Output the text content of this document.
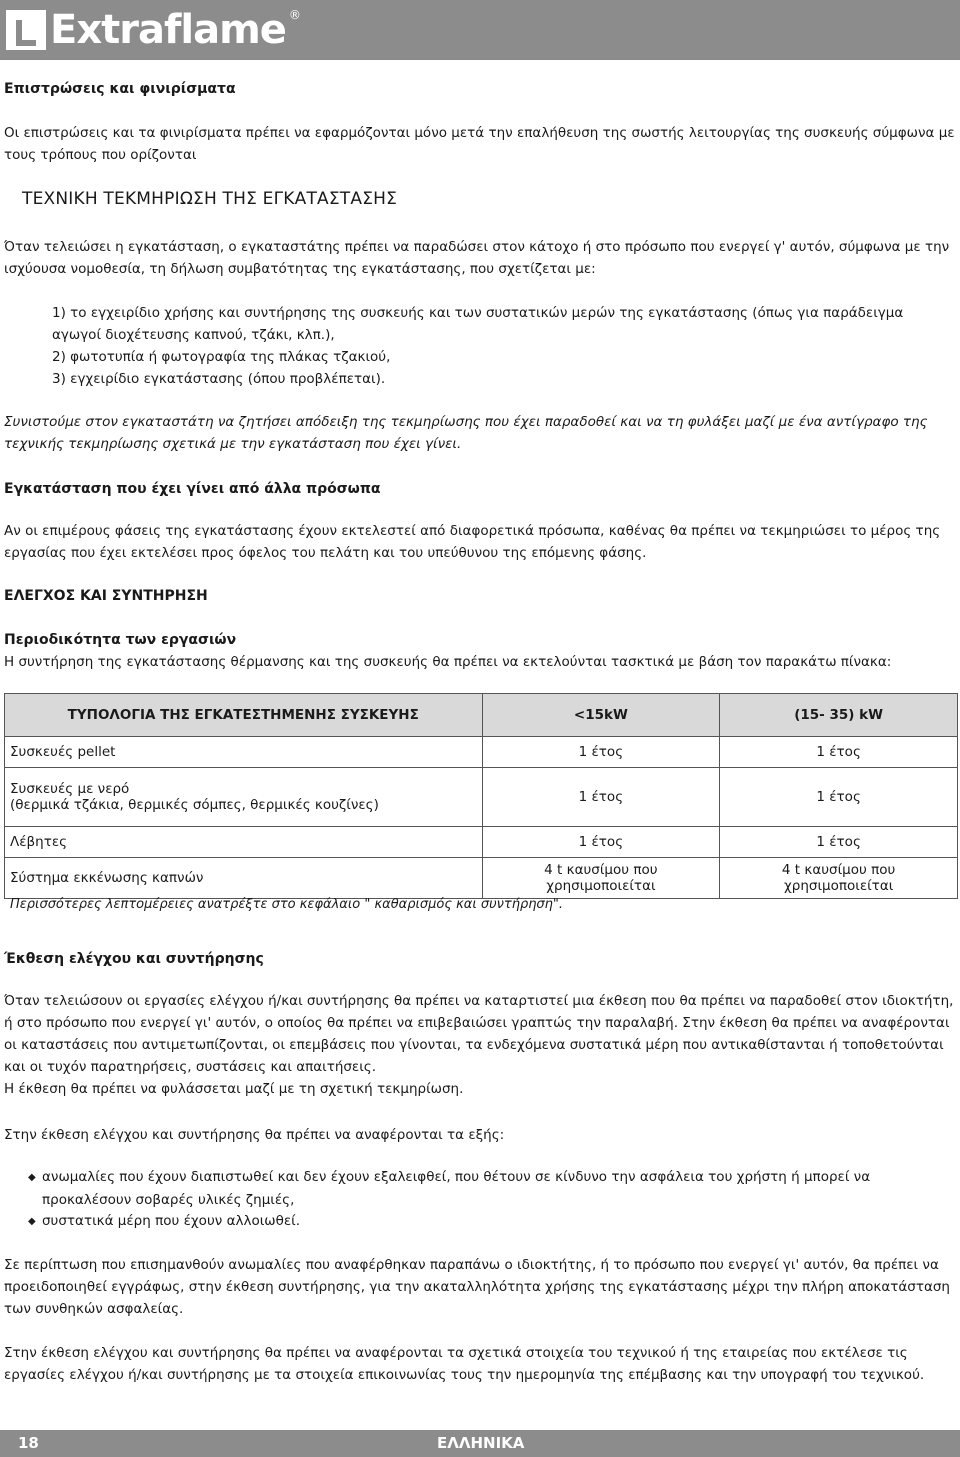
Extraflame ®

Επιστρώσεις και φινιρίσματα

Οι επιστρώσεις και τα φινιρίσματα πρέπει να εφαρμόζονται μόνο μετά την επαλήθευση της σωστής λειτουργίας της συσκευής σύμφωνα με τους τρόπους που ορίζονται

ΤΕΧΝΙΚΗ ΤΕΚΜΗΡΙΩΣΗ ΤΗΣ ΕΓΚΑΤΑΣΤΑΣΗΣ

Όταν τελειώσει η εγκατάσταση, ο εγκαταστάτης πρέπει να παραδώσει στον κάτοχο ή στο πρόσωπο που ενεργεί γ' αυτόν, σύμφωνα με την ισχύουσα νομοθεσία, τη δήλωση συμβατότητας της εγκατάστασης, που σχετίζεται με:

1) το εγχειρίδιο χρήσης και συντήρησης της συσκευής και των συστατικών μερών της εγκατάστασης (όπως για παράδειγμα αγωγοί διοχέτευσης καπνού, τζάκι, κλπ.),

2) φωτοτυπία ή φωτογραφία της πλάκας τζακιού,

3) εγχειρίδιο εγκατάστασης (όπου προβλέπεται).

Συνιστούμε στον εγκαταστάτη να ζητήσει απόδειξη της τεκμηρίωσης που έχει παραδοθεί και να τη φυλάξει μαζί με ένα αντίγραφο της τεχνικής τεκμηρίωσης σχετικά με την εγκατάσταση που έχει γίνει.

Εγκατάσταση που έχει γίνει από άλλα πρόσωπα

Αν οι επιμέρους φάσεις της εγκατάστασης έχουν εκτελεστεί από διαφορετικά πρόσωπα, καθένας θα πρέπει να τεκμηριώσει το μέρος της εργασίας που έχει εκτελέσει προς όφελος του πελάτη και του υπεύθυνου της επόμενης φάσης.

ΕΛΕΓΧΟΣ ΚΑΙ ΣΥΝΤΗΡΗΣΗ

Περιοδικότητα των εργασιών

Η συντήρηση της εγκατάστασης θέρμανσης και της συσκευής θα πρέπει να εκτελούνται τασκτικά με βάση τον παρακάτω πίνακα:

ΤΥΠΟΛΟΓΙΑ ΤΗΣ ΕΓΚΑΤΕΣΤΗΜΕΝΗΣ ΣΥΣΚΕΥΗΣ	<15kW	(15- 35) kW
Συσκευές pellet	1 έτος	1 έτος
Συσκευές με νερό
(θερμικά τζάκια, θερμικές σόμπες, θερμικές κουζίνες)	1 έτος	1 έτος
Λέβητες	1 έτος	1 έτος
Σύστημα εκκένωσης καπνών	4 t καυσίμου που χρησιμοποιείται	4 t καυσίμου που χρησιμοποιείται

Περισσότερες λεπτομέρειες ανατρέξτε στο κεφάλαιο " καθαρισμός και συντήρηση".

Έκθεση ελέγχου και συντήρησης

Όταν τελειώσουν οι εργασίες ελέγχου ή/και συντήρησης θα πρέπει να καταρτιστεί μια έκθεση που θα πρέπει να παραδοθεί στον ιδιοκτήτη, ή στο πρόσωπο που ενεργεί γι' αυτόν, ο οποίος θα πρέπει να επιβεβαιώσει γραπτώς την παραλαβή. Στην έκθεση θα πρέπει να αναφέρονται οι καταστάσεις που αντιμετωπίζονται, οι επεμβάσεις που γίνονται, τα ενδεχόμενα συστατικά μέρη που αντικαθίστανται ή τοποθετούνται και οι τυχόν παρατηρήσεις, συστάσεις και απαιτήσεις.

Η έκθεση θα πρέπει να φυλάσσεται μαζί με τη σχετική τεκμηρίωση.

Στην έκθεση ελέγχου και συντήρησης θα πρέπει να αναφέρονται τα εξής:

◆ ανωμαλίες που έχουν διαπιστωθεί και δεν έχουν εξαλειφθεί, που θέτουν σε κίνδυνο την ασφάλεια του χρήστη ή μπορεί να προκαλέσουν σοβαρές υλικές ζημιές,

◆ συστατικά μέρη που έχουν αλλοιωθεί.

Σε περίπτωση που επισημανθούν ανωμαλίες που αναφέρθηκαν παραπάνω ο ιδιοκτήτης, ή το πρόσωπο που ενεργεί γι' αυτόν, θα πρέπει να προειδοποιηθεί εγγράφως, στην έκθεση συντήρησης, για την ακαταλληλότητα χρήσης της εγκατάστασης μέχρι την πλήρη αποκατάσταση των συνθηκών ασφαλείας.

Στην έκθεση ελέγχου και συντήρησης θα πρέπει να αναφέρονται τα σχετικά στοιχεία του τεχνικού ή της εταιρείας που εκτέλεσε τις εργασίες ελέγχου ή/και συντήρησης με τα στοιχεία επικοινωνίας τους την ημερομηνία της επέμβασης και την υπογραφή του τεχνικού.

18	ΕΛΛΗΝΙΚΑ
